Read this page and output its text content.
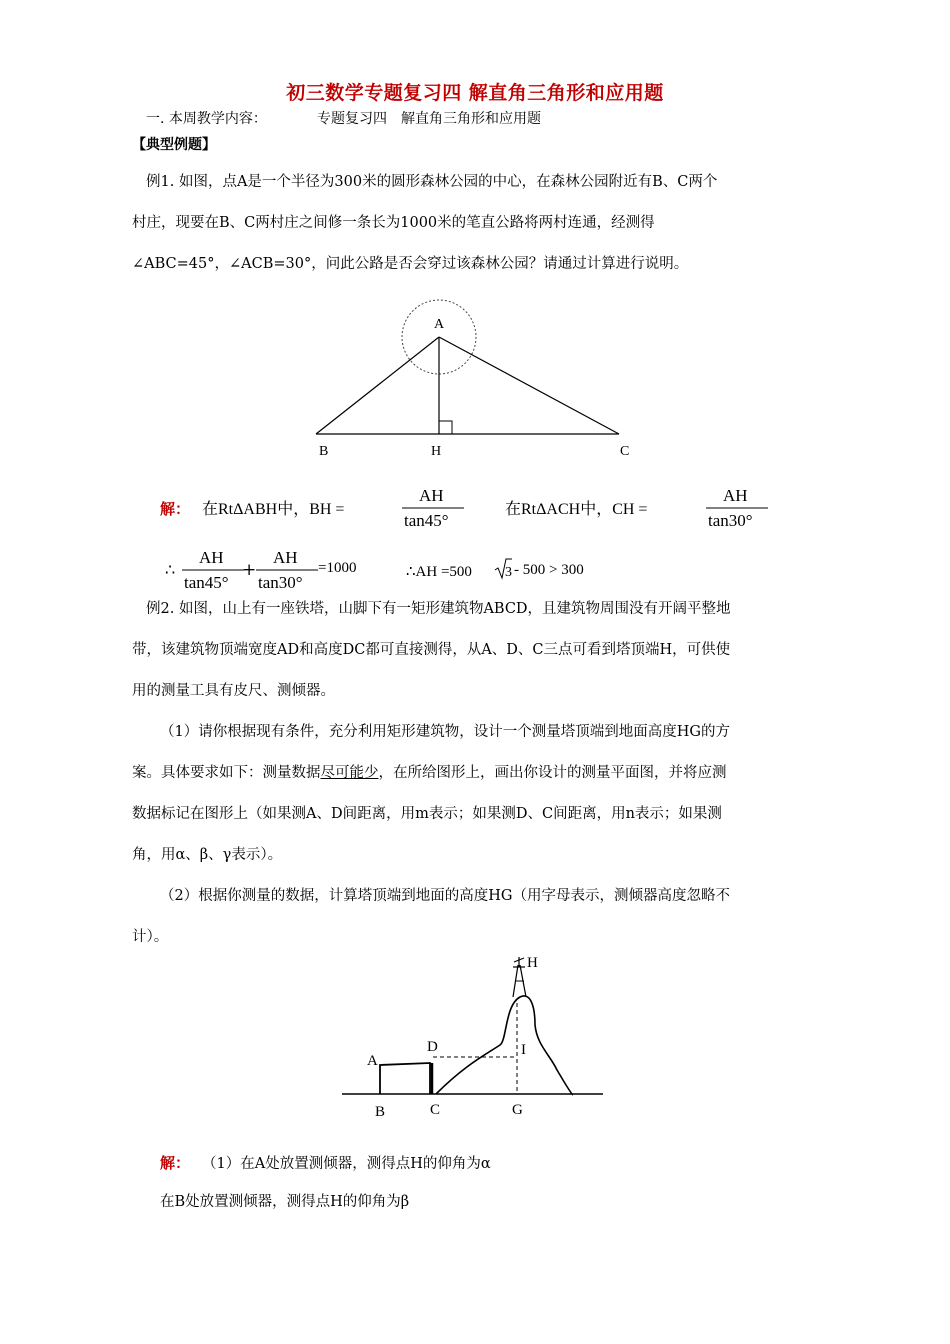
初三数学专题复习四 解直角三角形和应用题
一. 本周教学内容：	专题复习四　解直角三角形和应用题
【典型例题】
例1. 如图，点A是一个半径为300米的圆形森林公园的中心，在森林公园附近有B、C两个
村庄，现要在B、C两村庄之间修一条长为1000米的笔直公路将两村连通，经测得
∠ABC=45°，∠ACB=30°，问此公路是否会穿过该森林公园？请通过计算进行说明。
A
B	H	C
解： 在RtΔABH中，BH =
AH
tan45°
在RtΔACH中，CH =
AH
tan30°
∴
AH
tan45°
+
AH
tan30°
=1000	∴AH =500 3 - 500 > 300
例2. 如图，山上有一座铁塔，山脚下有一矩形建筑物ABCD，且建筑物周围没有开阔平整地
带，该建筑物顶端宽度AD和高度DC都可直接测得，从A、D、C三点可看到塔顶端H，可供使
用的测量工具有皮尺、测倾器。
（1）请你根据现有条件，充分利用矩形建筑物，设计一个测量塔顶端到地面高度HG的方
案。具体要求如下：测量数据尽可能少，在所给图形上，画出你设计的测量平面图，并将应测
数据标记在图形上（如果测A、D间距离，用m表示；如果测D、C间距离，用n表示；如果测
角，用α、β、γ表示）。
（2）根据你测量的数据，计算塔顶端到地面的高度HG（用字母表示，测倾器高度忽略不
计）。
H
A
D	I
B	C	G
解： （1）在A处放置测倾器，测得点H的仰角为α
在B处放置测倾器，测得点H的仰角为β
